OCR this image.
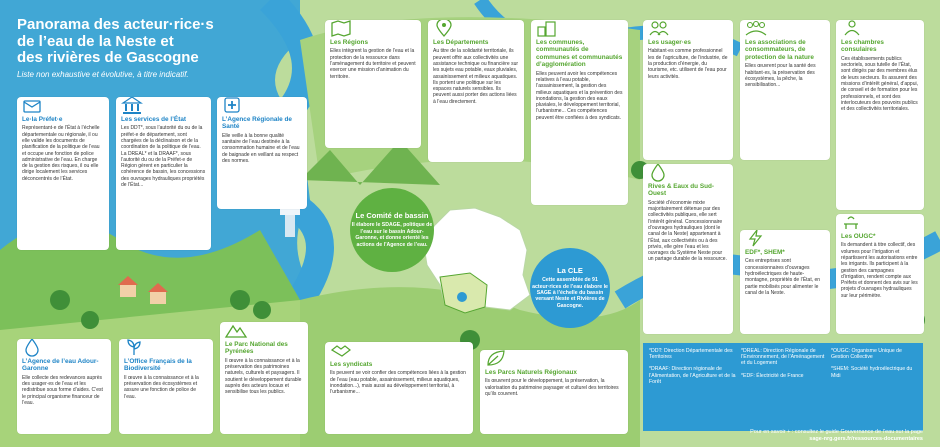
Panorama des acteur·rice·s
de l’eau de la Neste et
des rivières de Gascogne
Liste non exhaustive et évolutive, à titre indicatif.
Le·la Préfet·e

Représentant·e de l’État à l’échelle départementale ou régionale, il ou elle valide les documents de planification de la politique de l’eau et occupe une fonction de police administrative de l’eau. En charge de la gestion des risques, il ou elle dirige localement les services déconcentrés de l’État.

Les services de l’État

Les DDT*, sous l’autorité du ou de la préfet·e de département, sont chargées de la déclinaison et de la coordination de la politique de l’eau. La DREAL* et la DRAAF*, sous l’autorité du ou de la Préfet·e de Région gèrent en particulier la cohérence de bassin, les concessions des ouvrages hydrauliques propriétés de l’État...

L’Agence Régionale de Santé

Elle veille à la bonne qualité sanitaire de l’eau destinée à la consommation humaine et de l’eau de baignade en veillant au respect des normes.

L’Agence de l’eau Adour-Garonne

Elle collecte des redevances auprès des usager·es de l’eau et les redistribue sous forme d’aides. C’est le principal organisme financeur de l’eau.

L’Office Français de la Biodiversité

Il œuvre à la connaissance et à la préservation des écosystèmes et assure une fonction de police de l’eau.

Le Parc National des Pyrénées

Il œuvre à la connaissance et à la préservation des patrimoines naturels, culturels et paysagers. Il soutient le développement durable auprès des acteurs locaux et sensibilise tous les publics.

Les Régions

Elles intègrent la gestion de l’eau et la protection de la ressource dans l’aménagement du territoire et peuvent exercer une mission d’animation du territoire.

Les Départements

Au titre de la solidarité territoriale, ils peuvent offrir aux collectivités une assistance technique ou financière sur les sujets eau potable, eaux pluviales, assainissement et milieux aquatiques. Ils portent une politique sur les espaces naturels sensibles. Ils peuvent aussi porter des actions liées à l’eau directement.

Les communes, communautés de communes et communautés d’agglomération

Elles peuvent avoir les compétences relatives à l’eau potable, l’assainissement, la gestion des milieux aquatiques et la prévention des inondations, la gestion des eaux pluviales, le développement territorial, l’urbanisme... Ces compétences peuvent être confiées à des syndicats.

Les usager·es

Habitant·es comme professionnel les de l’agriculture, de l’industrie, de la production d’énergie, du tourisme, etc. utilisent de l’eau pour leurs activités.

Les associations de consommateurs, de protection de la nature

Elles œuvrent pour la santé des habitant·es, la préservation des écosystèmes, la pêche, la sensibilisation...

Les chambres consulaires

Ces établissements publics sectoriels, sous tutelle de l’État, sont dirigés par des membres élus de leurs secteurs. Ils assurent des missions d’intérêt général, d’appui, de conseil et de formation pour les professionnels, et sont des interlocuteurs des pouvoirs publics et des collectivités territoriales.

Rives & Eaux du Sud-Ouest

Société d’économie mixte majoritairement détenue par des collectivités publiques, elle sert l’intérêt général. Concessionnaire d’ouvrages hydrauliques (dont le canal de la Neste) appartenant à l’État, aux collectivités ou à des privés, elle gère l’eau et les ouvrages du Système Neste pour un partage durable de la ressource.

EDF*, SHEM*

Ces entreprises sont concessionnaires d’ouvrages hydroélectriques de haute-montagne, propriétés de l’État, en partie mobilisés pour alimenter le canal de la Neste.

Les OUGC*

Ils demandent à titre collectif, des volumes pour l’irrigation et répartissent les autorisations entre les irrigants. Ils participent à la gestion des campagnes d’irrigation, rendent compte aux Préfets et donnent des avis sur les projets d’ouvrages hydrauliques sur leur périmètre.

Les syndicats

Ils peuvent se voir confier des compétences liées à la gestion de l’eau (eau potable, assainissement, milieux aquatiques, inondation...), mais aussi au développement territorial, à l’urbanisme...

Les Parcs Naturels Régionaux

Ils œuvrent pour le développement, la préservation, la valorisation du patrimoine paysager et culturel des territoires qu’ils couvrent.

Le Comité de bassin

Il élabore le SDAGE, politique de l’eau sur le bassin Adour-Garonne, et donne orienté les actions de l’Agence de l’eau.

La CLE

Cette assemblée de 91 acteur·rices de l’eau élabore le SAGE à l’échelle du bassin versant Neste et Rivières de Gascogne.

*DDT: Direction Départementale des Territoires
*DRAAF: Direction régionale de l’Alimentation, de l’Agriculture et de la Forêt
*DREAL: Direction Régionale de l’Environnement, de l’Aménagement et du Logement
*EDF: Électricité de France
*OUGC: Organisme Unique de Gestion Collective
*SHEM: Société hydroélectrique du Midi
Pour en savoir + : consultez le guide Gouvernance de l’eau sur la page
sage-nrg.gers.fr/ressources-documentaires
